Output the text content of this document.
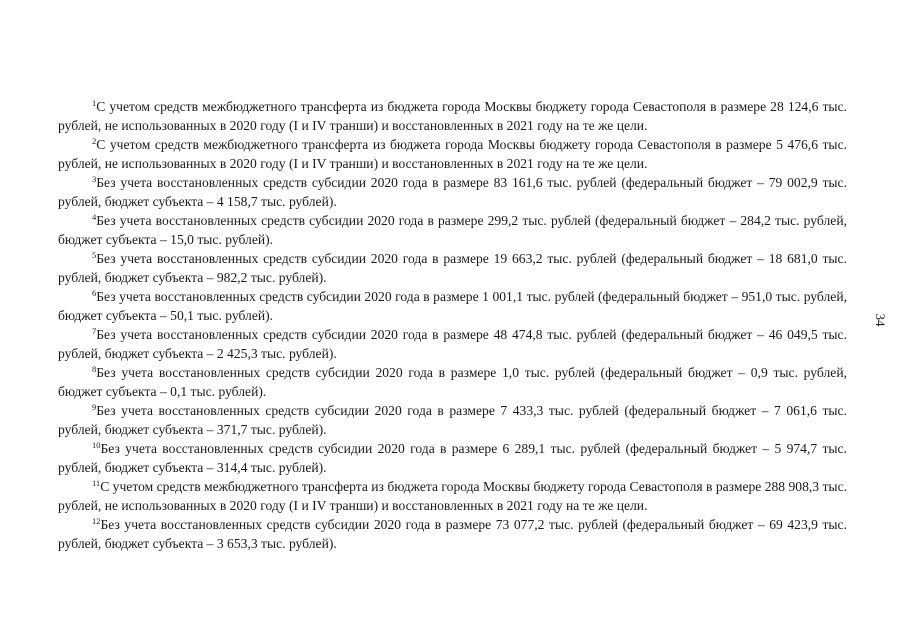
$^1$С учетом средств межбюджетного трансферта из бюджета города Москвы бюджету города Севастополя в размере 28 124,6 тыс. рублей, не использованных в 2020 году (I и IV транши) и восстановленных в 2021 году на те же цели.

$^2$С учетом средств межбюджетного трансферта из бюджета города Москвы бюджету города Севастополя в размере 5 476,6 тыс. рублей, не использованных в 2020 году (I и IV транши) и восстановленных в 2021 году на те же цели.

$^3$Без учета восстановленных средств субсидии 2020 года в размере 83 161,6 тыс. рублей (федеральный бюджет – 79 002,9 тыс. рублей, бюджет субъекта – 4 158,7 тыс. рублей).

$^4$Без учета восстановленных средств субсидии 2020 года в размере 299,2 тыс. рублей (федеральный бюджет – 284,2 тыс. рублей, бюджет субъекта – 15,0 тыс. рублей).

$^5$Без учета восстановленных средств субсидии 2020 года в размере 19 663,2 тыс. рублей (федеральный бюджет – 18 681,0 тыс. рублей, бюджет субъекта – 982,2 тыс. рублей).

$^6$Без учета восстановленных средств субсидии 2020 года в размере 1 001,1 тыс. рублей (федеральный бюджет – 951,0 тыс. рублей, бюджет субъекта – 50,1 тыс. рублей).

$^7$Без учета восстановленных средств субсидии 2020 года в размере 48 474,8 тыс. рублей (федеральный бюджет – 46 049,5 тыс. рублей, бюджет субъекта – 2 425,3 тыс. рублей).

$^8$Без учета восстановленных средств субсидии 2020 года в размере 1,0 тыс. рублей (федеральный бюджет – 0,9 тыс. рублей, бюджет субъекта – 0,1 тыс. рублей).

$^9$Без учета восстановленных средств субсидии 2020 года в размере 7 433,3 тыс. рублей (федеральный бюджет – 7 061,6 тыс. рублей, бюджет субъекта – 371,7 тыс. рублей).

$^{10}$Без учета восстановленных средств субсидии 2020 года в размере 6 289,1 тыс. рублей (федеральный бюджет – 5 974,7 тыс. рублей, бюджет субъекта – 314,4 тыс. рублей).

$^{11}$С учетом средств межбюджетного трансферта из бюджета города Москвы бюджету города Севастополя в размере 288 908,3 тыс. рублей, не использованных в 2020 году (I и IV транши) и восстановленных в 2021 году на те же цели.

$^{12}$Без учета восстановленных средств субсидии 2020 года в размере 73 077,2 тыс. рублей (федеральный бюджет – 69 423,9 тыс. рублей, бюджет субъекта – 3 653,3 тыс. рублей).

34
